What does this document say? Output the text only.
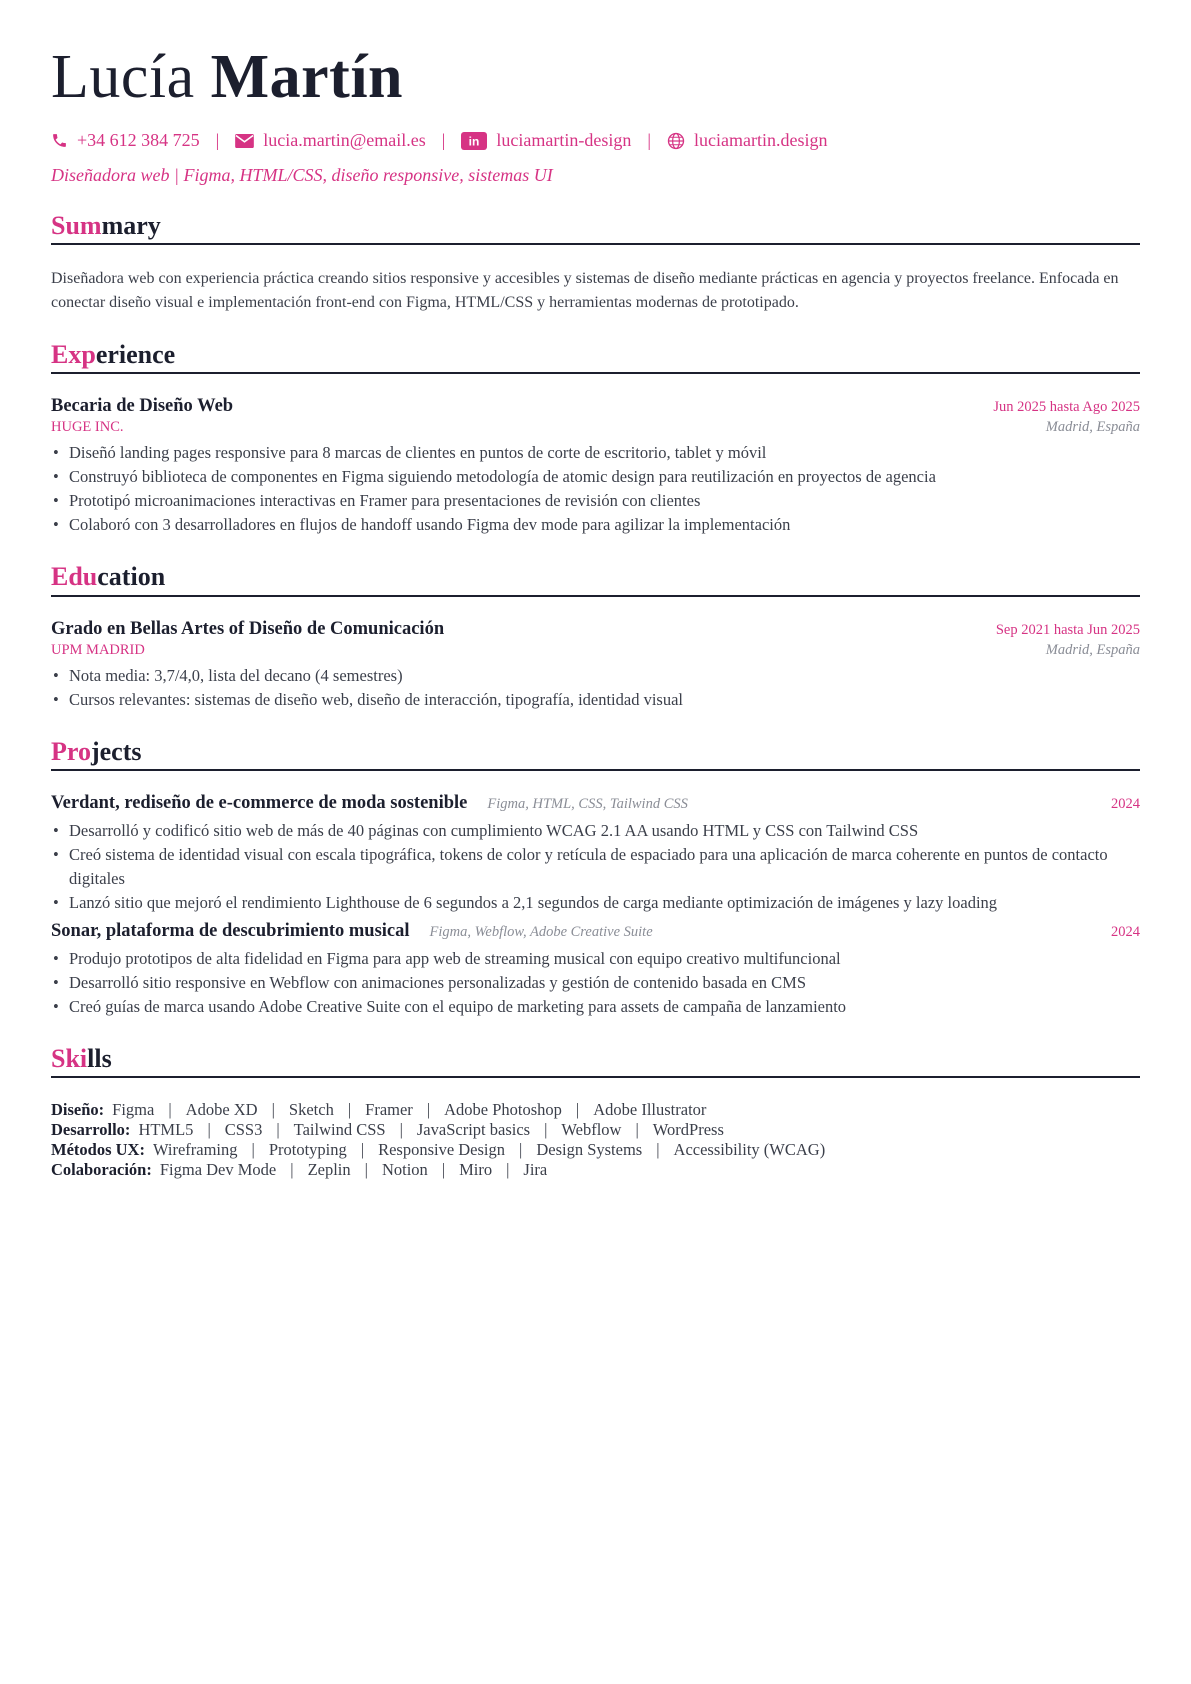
Lucía Martín
+34 612 384 725 | lucia.martin@email.es | in luciamartin-design | luciamartin.design
Diseñadora web | Figma, HTML/CSS, diseño responsive, sistemas UI
Summary
Diseñadora web con experiencia práctica creando sitios responsive y accesibles y sistemas de diseño mediante prácticas en agencia y proyectos freelance. Enfocada en conectar diseño visual e implementación front-end con Figma, HTML/CSS y herramientas modernas de prototipado.
Experience
Becaria de Diseño Web	Jun 2025 hasta Ago 2025
HUGE INC.	Madrid, España
• Diseñó landing pages responsive para 8 marcas de clientes en puntos de corte de escritorio, tablet y móvil
• Construyó biblioteca de componentes en Figma siguiendo metodología de atomic design para reutilización en proyectos de agencia
• Prototipó microanimaciones interactivas en Framer para presentaciones de revisión con clientes
• Colaboró con 3 desarrolladores en flujos de handoff usando Figma dev mode para agilizar la implementación
Education
Grado en Bellas Artes of Diseño de Comunicación	Sep 2021 hasta Jun 2025
UPM MADRID	Madrid, España
• Nota media: 3,7/4,0, lista del decano (4 semestres)
• Cursos relevantes: sistemas de diseño web, diseño de interacción, tipografía, identidad visual
Projects
Verdant, rediseño de e-commerce de moda sostenible Figma, HTML, CSS, Tailwind CSS	2024
• Desarrolló y codificó sitio web de más de 40 páginas con cumplimiento WCAG 2.1 AA usando HTML y CSS con Tailwind CSS
• Creó sistema de identidad visual con escala tipográfica, tokens de color y retícula de espaciado para una aplicación de marca coherente en puntos de contacto digitales
• Lanzó sitio que mejoró el rendimiento Lighthouse de 6 segundos a 2,1 segundos de carga mediante optimización de imágenes y lazy loading
Sonar, plataforma de descubrimiento musical Figma, Webflow, Adobe Creative Suite	2024
• Produjo prototipos de alta fidelidad en Figma para app web de streaming musical con equipo creativo multifuncional
• Desarrolló sitio responsive en Webflow con animaciones personalizadas y gestión de contenido basada en CMS
• Creó guías de marca usando Adobe Creative Suite con el equipo de marketing para assets de campaña de lanzamiento
Skills
Diseño: Figma | Adobe XD | Sketch | Framer | Adobe Photoshop | Adobe Illustrator
Desarrollo: HTML5 | CSS3 | Tailwind CSS | JavaScript basics | Webflow | WordPress
Métodos UX: Wireframing | Prototyping | Responsive Design | Design Systems | Accessibility (WCAG)
Colaboración: Figma Dev Mode | Zeplin | Notion | Miro | Jira
